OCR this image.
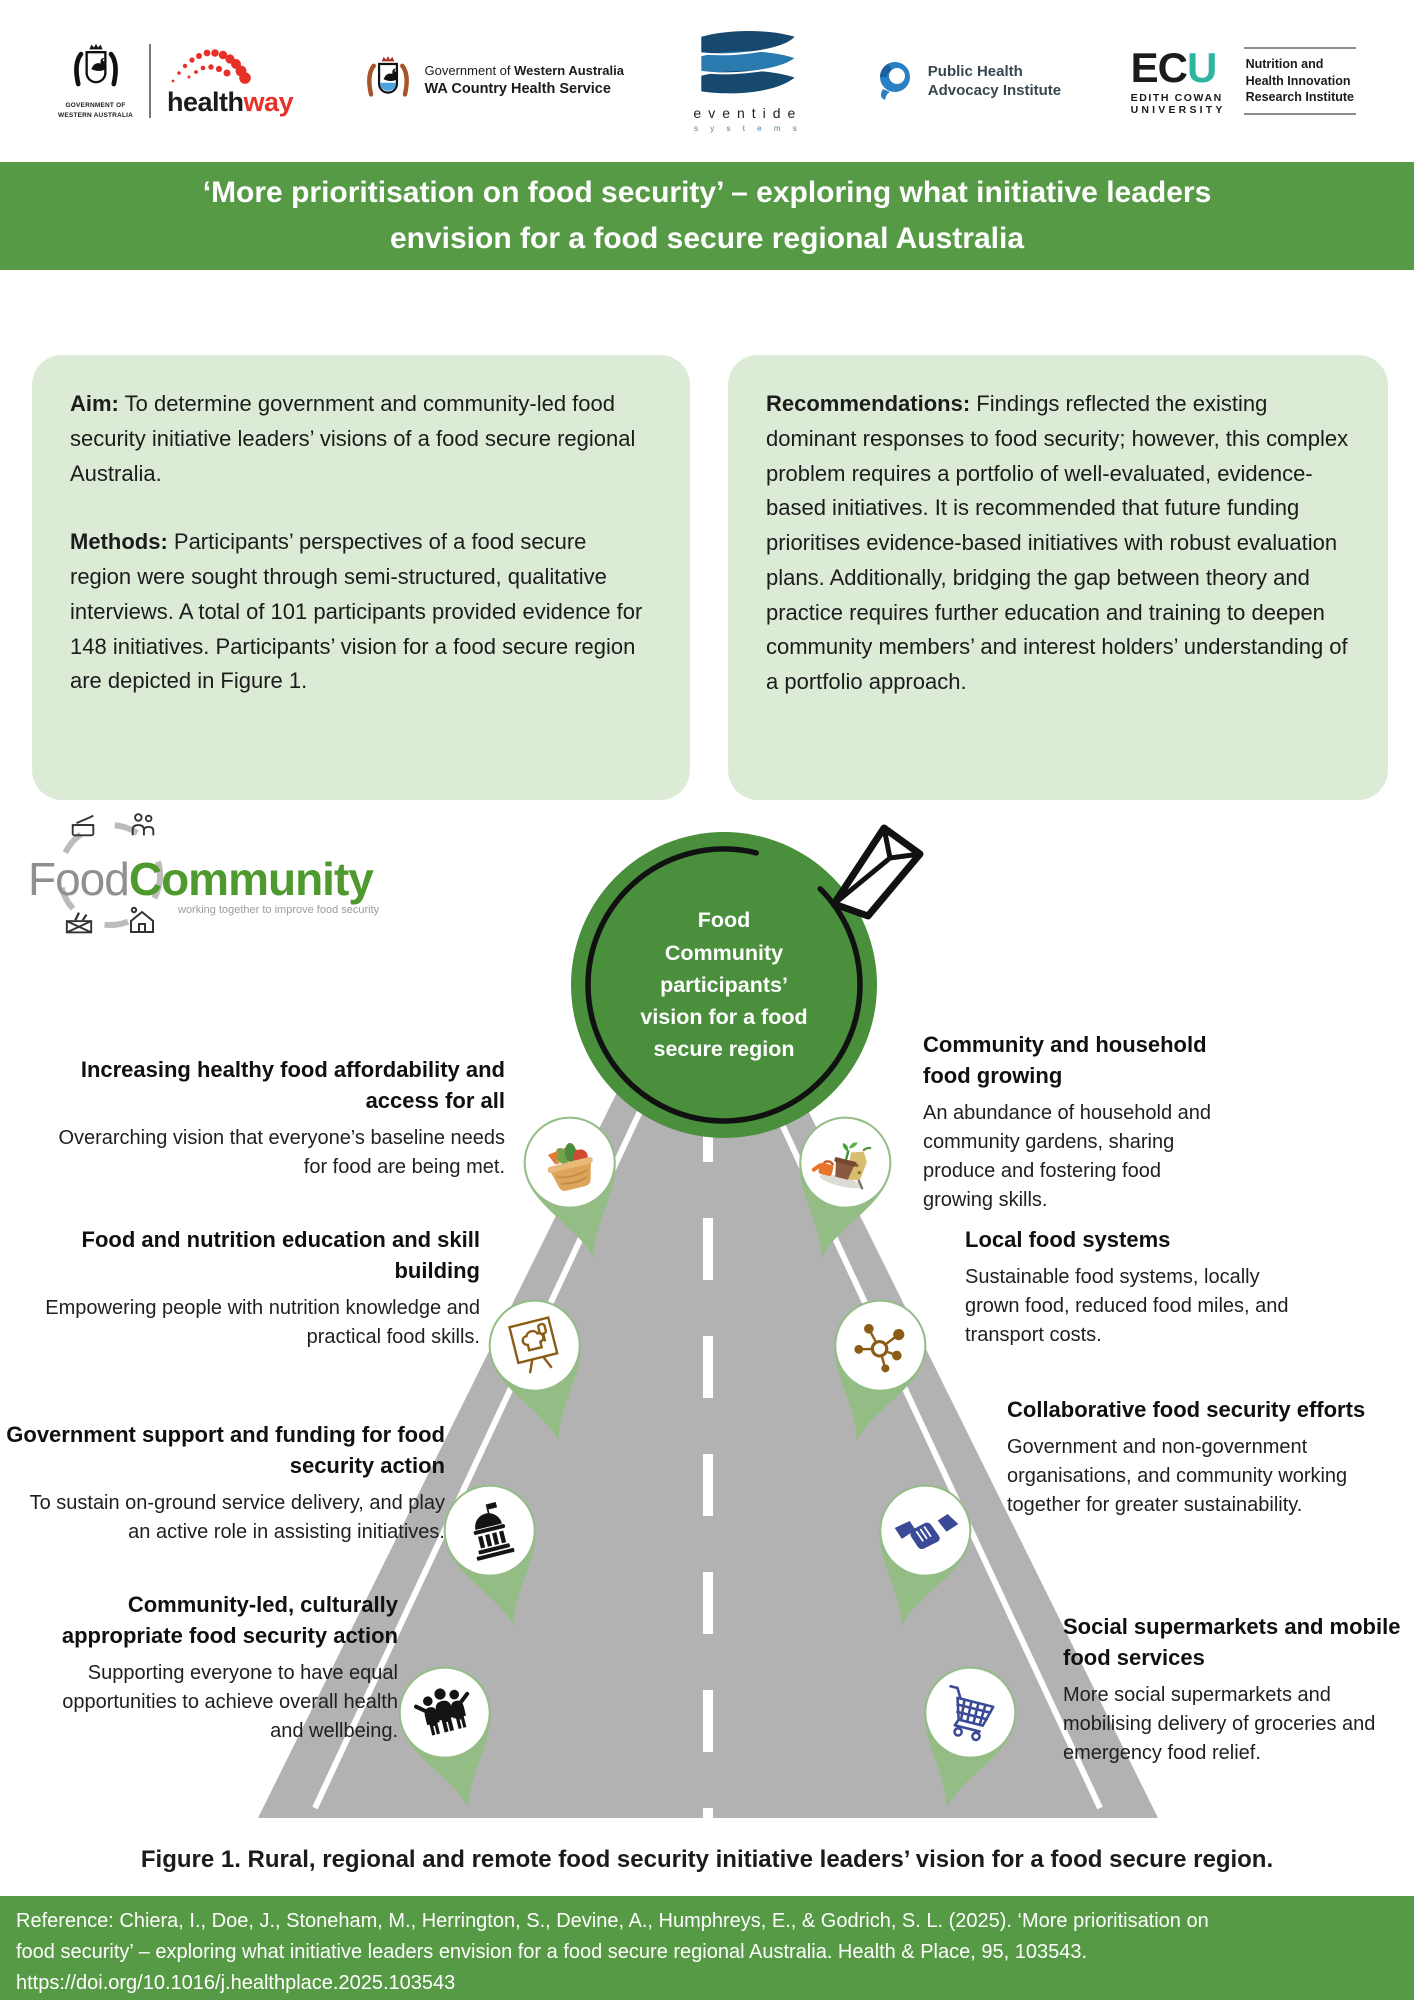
GOVERNMENT OF
WESTERN AUSTRALIA healthway
Government of Western Australia
WA Country Health Service
eventide
s y s t e m s
Public Health
Advocacy Institute ECU
EDITH COWAN
UNIVERSITY
Nutrition and
Health Innovation
Research Institute
‘More prioritisation on food security’ – exploring what initiative leaders
envision for a food secure regional Australia

Aim: To determine government and community-led food security initiative leaders’ visions of a food secure regional Australia.

Methods: Participants’ perspectives of a food secure region were sought through semi-structured, qualitative interviews. A total of 101 participants provided evidence for 148 initiatives. Participants’ vision for a food secure region are depicted in Figure 1.

Recommendations: Findings reflected the existing dominant responses to food security; however, this complex problem requires a portfolio of well-evaluated, evidence-based initiatives. It is recommended that future funding prioritises evidence-based initiatives with robust evaluation plans. Additionally, bridging the gap between theory and practice requires further education and training to deepen community members’ and interest holders’ understanding of a portfolio approach.

FoodCommunity
working together to improve food security	Food
Community
participants’
vision for a food
secure region
Increasing healthy food affordability and access for all

Overarching vision that everyone’s baseline needs for food are being met.

Food and nutrition education and skill building

Empowering people with nutrition knowledge and practical food skills.

Government support and funding for food security action

To sustain on-ground service delivery, and play an active role in assisting initiatives.

Community-led, culturally appropriate food security action

Supporting everyone to have equal opportunities to achieve overall health and wellbeing.

Community and household food growing

An abundance of household and community gardens, sharing produce and fostering food growing skills.

Local food systems

Sustainable food systems, locally grown food, reduced food miles, and transport costs.

Collaborative food security efforts

Government and non-government organisations, and community working together for greater sustainability.

Social supermarkets and mobile food services

More social supermarkets and mobilising delivery of groceries and emergency food relief.

Figure 1. Rural, regional and remote food security initiative leaders’ vision for a food secure region.
Reference: Chiera, I., Doe, J., Stoneham, M., Herrington, S., Devine, A., Humphreys, E., & Godrich, S. L. (2025). ‘More prioritisation on
food security’ – exploring what initiative leaders envision for a food secure regional Australia. Health & Place, 95, 103543.
https://doi.org/10.1016/j.healthplace.2025.103543
